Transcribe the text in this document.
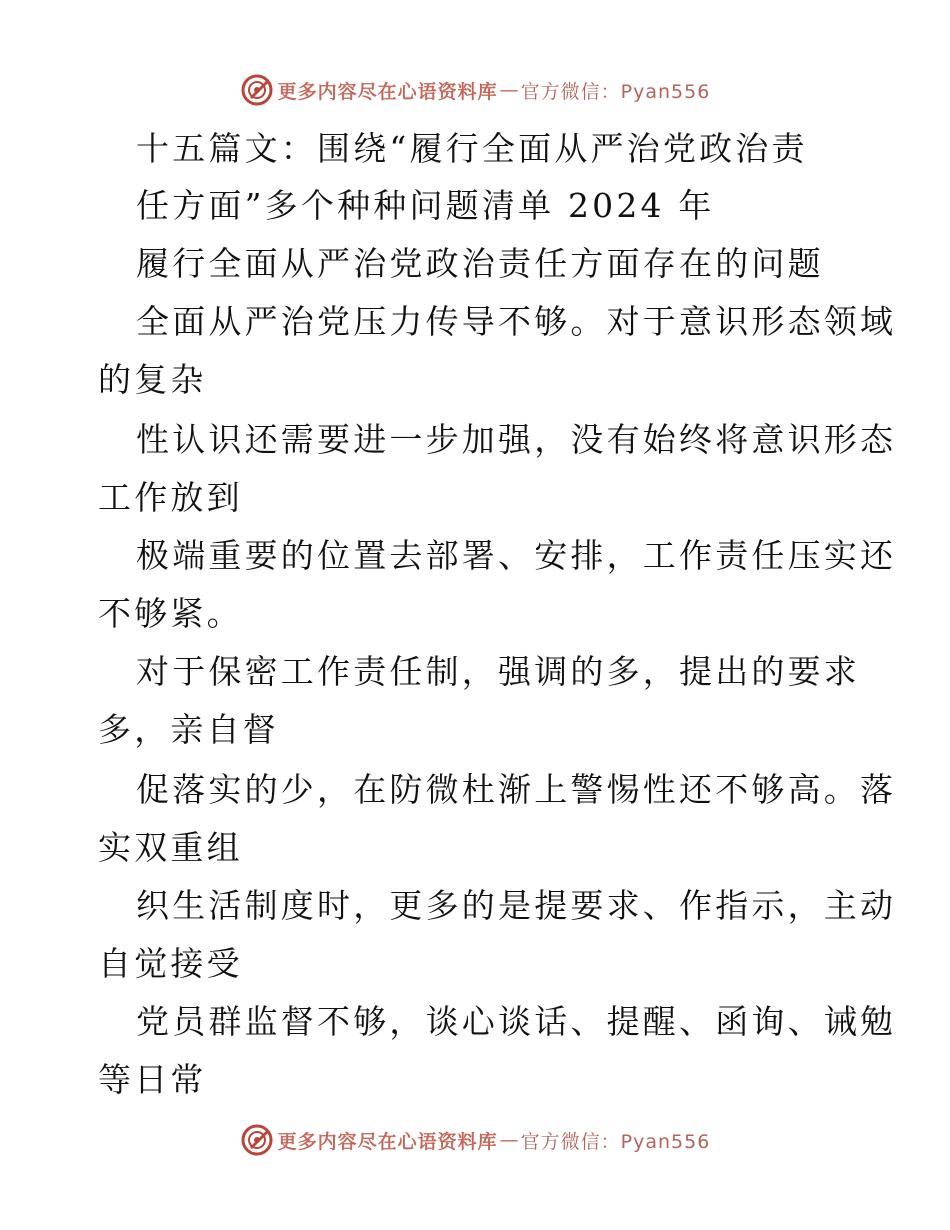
更多内容尽在心语资料库 — 官方微信：Pyan556
十五篇文：围绕“履行全面从严治党政治责
任方面”多个种种问题清单 2024 年
履行全面从严治党政治责任方面存在的问题
全面从严治党压力传导不够。对于意识形态领域
的复杂
性认识还需要进一步加强，没有始终将意识形态
工作放到
极端重要的位置去部署、安排，工作责任压实还
不够紧。
对于保密工作责任制，强调的多，提出的要求
多，亲自督
促落实的少，在防微杜渐上警惕性还不够高。落
实双重组
织生活制度时，更多的是提要求、作指示，主动
自觉接受
党员群监督不够，谈心谈话、提醒、函询、诫勉
等日常
更多内容尽在心语资料库 — 官方微信：Pyan556
